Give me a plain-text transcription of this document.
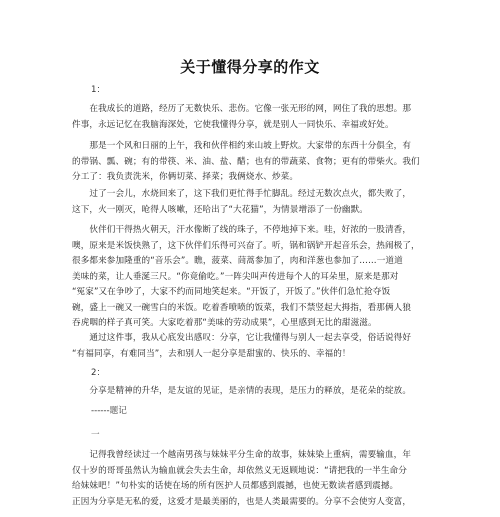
关于懂得分享的作文
1：
　　在我成长的道路，经历了无数快乐、悲伤。它像一张无形的网，网住了我的思想。那
件事，永远记忆在我脑海深处，它使我懂得分享，就是别人一同快乐、幸福或好处。
　　那是一个风和日丽的上午，我和伙伴相约来山坡上野炊。大家带的东西十分俱全，有
的带锅、瓢、碗；有的带筷、米、油、盐、醋；也有的带蔬菜、食物；更有的带柴火。我们
分工了：我负责洗米，你俩切菜、择菜；我俩烧水、炒菜。
　　过了一会儿，水烧回来了，这下我们更忙得手忙脚乱。经过无数次点火，都失败了，
这下，火一刚灭，呛得人咳嗽，还哈出了“大花猫”，为情景增添了一份幽默。
　　伙伴们干得热火朝天，汗水像断了线的珠子，不停地掉下来。哇，好浓的一股清香，
噢，原来是米饭快熟了，这下伙伴们乐得可兴奋了。听，锅和锅铲开起音乐会，热闹极了，
很多都来参加隆重的“音乐会”。瞧，菠菜、茼蒿参加了，肉和洋葱也参加了……一道道
美味的菜，让人垂涎三尺。“你竟偷吃。”一阵尖叫声传进每个人的耳朵里，原来是那对
“冤家”又在争吵了，大家不约而同地笑起来。“开饭了，开饭了。”伙伴们急忙抢夺饭
碗，盛上一碗又一碗雪白的米饭。吃着香喷喷的饭菜，我们不禁竖起大拇指，看那俩人狼
吞虎咽的样子真可笑。大家吃着那“美味的劳动成果”，心里感到无比的甜滋滋。
　　通过这件事，我从心底发出感叹：分享，它让我懂得与别人一起去享受，俗话说得好
“有福同享，有难同当”，去和别人一起分享是甜蜜的、快乐的、幸福的！
2：
　　分享是精神的升华，是友谊的见证，是亲情的表现，是压力的释放，是花朵的绽放。
------题记
一
　　记得我曾经读过一个越南男孩与妹妹平分生命的故事，妹妹染上重病，需要输血，年
仅十岁的哥哥虽然认为输血就会失去生命，却依然义无返顾地说：“请把我的一半生命分
给妹妹吧！”句朴实的话使在场的所有医护人员都感到震撼，也使无数读者感到震撼。
正因为分享是无私的爱，这爱才是最美丽的，也是人类最需要的。分享不会使穷人变富，
